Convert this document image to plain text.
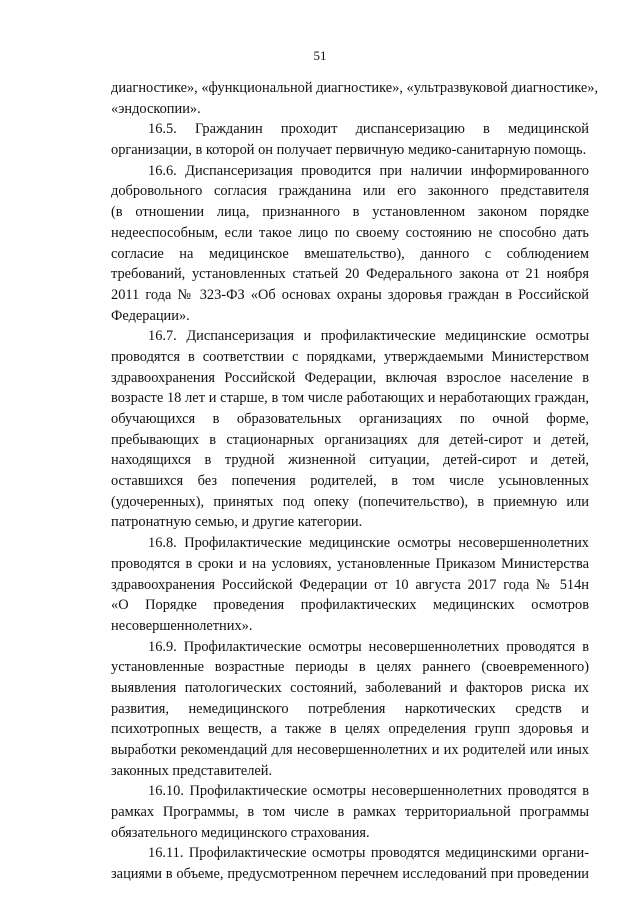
51
диагностике», «функциональной диагностике», «ультразвуковой диагностике»,
«эндоскопии».
16.5. Гражданин проходит диспансеризацию в медицинской
организации, в которой он получает первичную медико-санитарную помощь.
16.6. Диспансеризация проводится при наличии информированного
добровольного согласия гражданина или его законного представителя
(в отношении лица, признанного в установленном законом порядке
недееспособным, если такое лицо по своему состоянию не способно дать
согласие на медицинское вмешательство), данного с соблюдением
требований, установленных статьей 20 Федерального закона от 21 ноября
2011 года № 323-ФЗ «Об основах охраны здоровья граждан в Российской
Федерации».
16.7. Диспансеризация и профилактические медицинские осмотры
проводятся в соответствии с порядками, утверждаемыми Министерством
здравоохранения Российской Федерации, включая взрослое население в
возрасте 18 лет и старше, в том числе работающих и неработающих граждан,
обучающихся в образовательных организациях по очной форме,
пребывающих в стационарных организациях для детей-сирот и детей,
находящихся в трудной жизненной ситуации, детей-сирот и детей,
оставшихся без попечения родителей, в том числе усыновленных
(удочеренных), принятых под опеку (попечительство), в приемную или
патронатную семью, и другие категории.
16.8. Профилактические медицинские осмотры несовершеннолетних
проводятся в сроки и на условиях, установленные Приказом Министерства
здравоохранения Российской Федерации от 10 августа 2017 года № 514н
«О Порядке проведения профилактических медицинских осмотров
несовершеннолетних».
16.9. Профилактические осмотры несовершеннолетних проводятся в
установленные возрастные периоды в целях раннего (своевременного)
выявления патологических состояний, заболеваний и факторов риска их
развития, немедицинского потребления наркотических средств и
психотропных веществ, а также в целях определения групп здоровья и
выработки рекомендаций для несовершеннолетних и их родителей или иных
законных представителей.
16.10. Профилактические осмотры несовершеннолетних проводятся в
рамках Программы, в том числе в рамках территориальной программы
обязательного медицинского страхования.
16.11. Профилактические осмотры проводятся медицинскими органи-
зациями в объеме, предусмотренном перечнем исследований при проведении
